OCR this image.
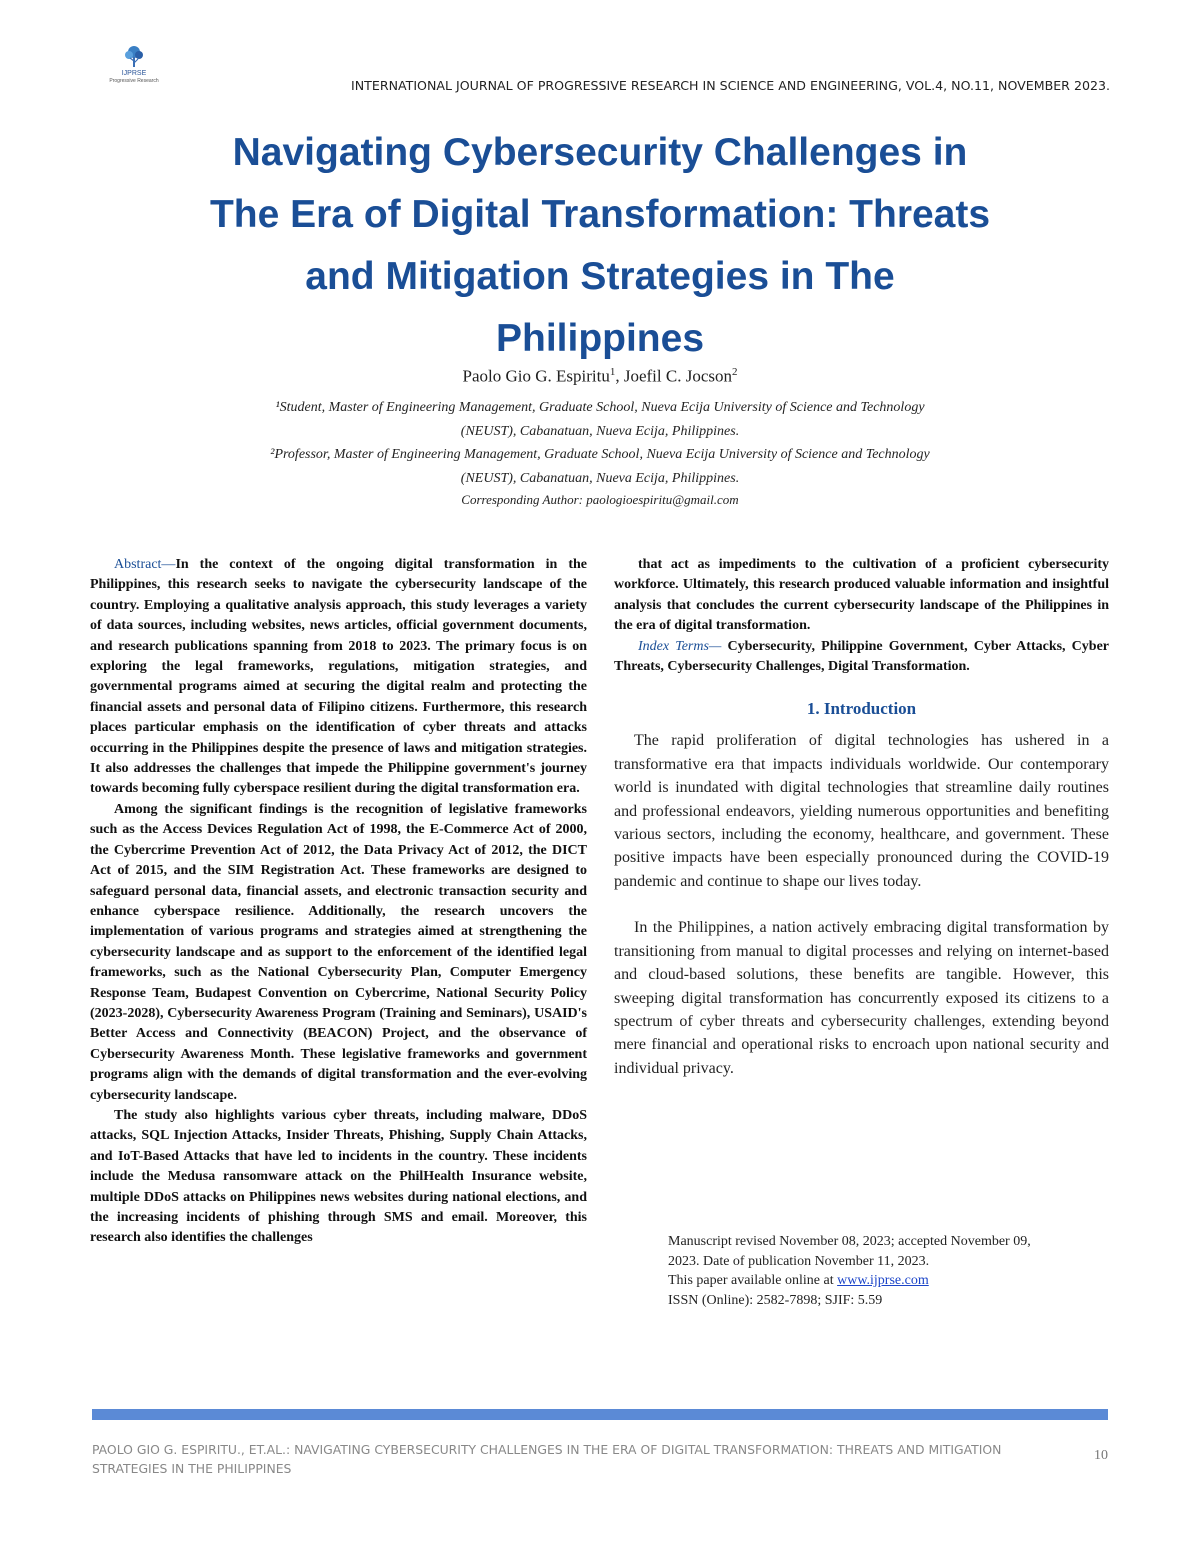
IJPRSE
Progressive Research	INTERNATIONAL JOURNAL OF PROGRESSIVE RESEARCH IN SCIENCE AND ENGINEERING, VOL.4, NO.11, NOVEMBER 2023.
Navigating Cybersecurity Challenges in
The Era of Digital Transformation: Threats
and Mitigation Strategies in The
Philippines
Paolo Gio G. Espiritu$^1$, Joefil C. Jocson$^2$
¹Student, Master of Engineering Management, Graduate School, Nueva Ecija University of Science and Technology
(NEUST), Cabanatuan, Nueva Ecija, Philippines.
²Professor, Master of Engineering Management, Graduate School, Nueva Ecija University of Science and Technology
(NEUST), Cabanatuan, Nueva Ecija, Philippines.
Corresponding Author: paologioespiritu@gmail.com

Abstract—In the context of the ongoing digital transformation in the Philippines, this research seeks to navigate the cybersecurity landscape of the country. Employing a qualitative analysis approach, this study leverages a variety of data sources, including websites, news articles, official government documents, and research publications spanning from 2018 to 2023. The primary focus is on exploring the legal frameworks, regulations, mitigation strategies, and governmental programs aimed at securing the digital realm and protecting the financial assets and personal data of Filipino citizens. Furthermore, this research places particular emphasis on the identification of cyber threats and attacks occurring in the Philippines despite the presence of laws and mitigation strategies. It also addresses the challenges that impede the Philippine government's journey towards becoming fully cyberspace resilient during the digital transformation era.

Among the significant findings is the recognition of legislative frameworks such as the Access Devices Regulation Act of 1998, the E-Commerce Act of 2000, the Cybercrime Prevention Act of 2012, the Data Privacy Act of 2012, the DICT Act of 2015, and the SIM Registration Act. These frameworks are designed to safeguard personal data, financial assets, and electronic transaction security and enhance cyberspace resilience. Additionally, the research uncovers the implementation of various programs and strategies aimed at strengthening the cybersecurity landscape and as support to the enforcement of the identified legal frameworks, such as the National Cybersecurity Plan, Computer Emergency Response Team, Budapest Convention on Cybercrime, National Security Policy (2023-2028), Cybersecurity Awareness Program (Training and Seminars), USAID's Better Access and Connectivity (BEACON) Project, and the observance of Cybersecurity Awareness Month. These legislative frameworks and government programs align with the demands of digital transformation and the ever-evolving cybersecurity landscape.

The study also highlights various cyber threats, including malware, DDoS attacks, SQL Injection Attacks, Insider Threats, Phishing, Supply Chain Attacks, and IoT-Based Attacks that have led to incidents in the country. These incidents include the Medusa ransomware attack on the PhilHealth Insurance website, multiple DDoS attacks on Philippines news websites during national elections, and the increasing incidents of phishing through SMS and email. Moreover, this research also identifies the challenges

that act as impediments to the cultivation of a proficient cybersecurity workforce. Ultimately, this research produced valuable information and insightful analysis that concludes the current cybersecurity landscape of the Philippines in the era of digital transformation.

Index Terms— Cybersecurity, Philippine Government, Cyber Attacks, Cyber Threats, Cybersecurity Challenges, Digital Transformation.

1. Introduction

The rapid proliferation of digital technologies has ushered in a transformative era that impacts individuals worldwide. Our contemporary world is inundated with digital technologies that streamline daily routines and professional endeavors, yielding numerous opportunities and benefiting various sectors, including the economy, healthcare, and government. These positive impacts have been especially pronounced during the COVID-19 pandemic and continue to shape our lives today.

In the Philippines, a nation actively embracing digital transformation by transitioning from manual to digital processes and relying on internet-based and cloud-based solutions, these benefits are tangible. However, this sweeping digital transformation has concurrently exposed its citizens to a spectrum of cyber threats and cybersecurity challenges, extending beyond mere financial and operational risks to encroach upon national security and individual privacy.

Manuscript revised November 08, 2023; accepted November 09, 2023. Date of publication November 11, 2023.
This paper available online at www.ijprse.com
ISSN (Online): 2582-7898; SJIF: 5.59
PAOLO GIO G. ESPIRITU., ET.AL.: NAVIGATING CYBERSECURITY CHALLENGES IN THE ERA OF DIGITAL TRANSFORMATION: THREATS AND MITIGATION STRATEGIES IN THE PHILIPPINES
10
